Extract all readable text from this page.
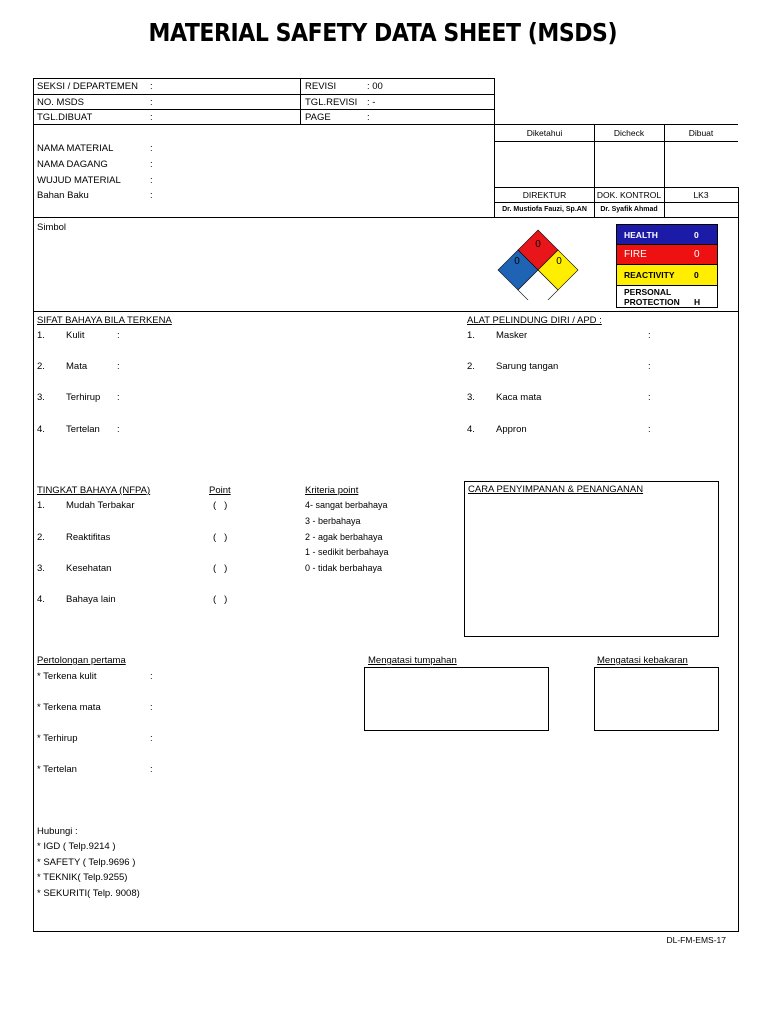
MATERIAL SAFETY DATA SHEET (MSDS)
SEKSI / DEPARTEMEN :
NO. MSDS	:
TGL.DIBUAT	:
REVISI	: 00
TGL.REVISI : -
PAGE	:
NAMA MATERIAL	:
NAMA DAGANG	:
WUJUD MATERIAL	:
Bahan Baku	:
Diketahui	Dicheck	Dibuat
DIREKTUR	DOK. KONTROL	LK3
Dr. Mustiofa Fauzi, Sp.AN	Dr. Syafik Ahmad
Simbol
0
0	0
HEALTH	0
FIRE	0
REACTIVITY 0
PERSONAL
PROTECTION H
SIFAT BAHAYA BILA TERKENA
1. Kulit	:
2. Mata	:
3. Terhirup :
4. Tertelan :
ALAT PELINDUNG DIRI / APD :
1. Masker	:
2. Sarung tangan	:
3. Kaca mata	:
4. Appron	:
TINGKAT BAHAYA (NFPA)	Point	Kriteria point
1. Mudah Terbakar	(   )
2. Reaktifitas	(   )
3. Kesehatan	(   )
4. Bahaya lain	(   )
4- sangat berbahaya
3 - berbahaya
2 - agak berbahaya
1 - sedikit berbahaya
0 - tidak berbahaya
CARA PENYIMPANAN & PENANGANAN
Pertolongan pertama
* Terkena kulit	:
* Terkena mata	:
* Terhirup	:
* Tertelan	:
Mengatasi tumpahan	Mengatasi kebakaran
Hubungi :
* IGD ( Telp.9214 )
* SAFETY ( Telp.9696 )
* TEKNIK( Telp.9255)
* SEKURITI( Telp. 9008)
DL-FM-EMS-17
